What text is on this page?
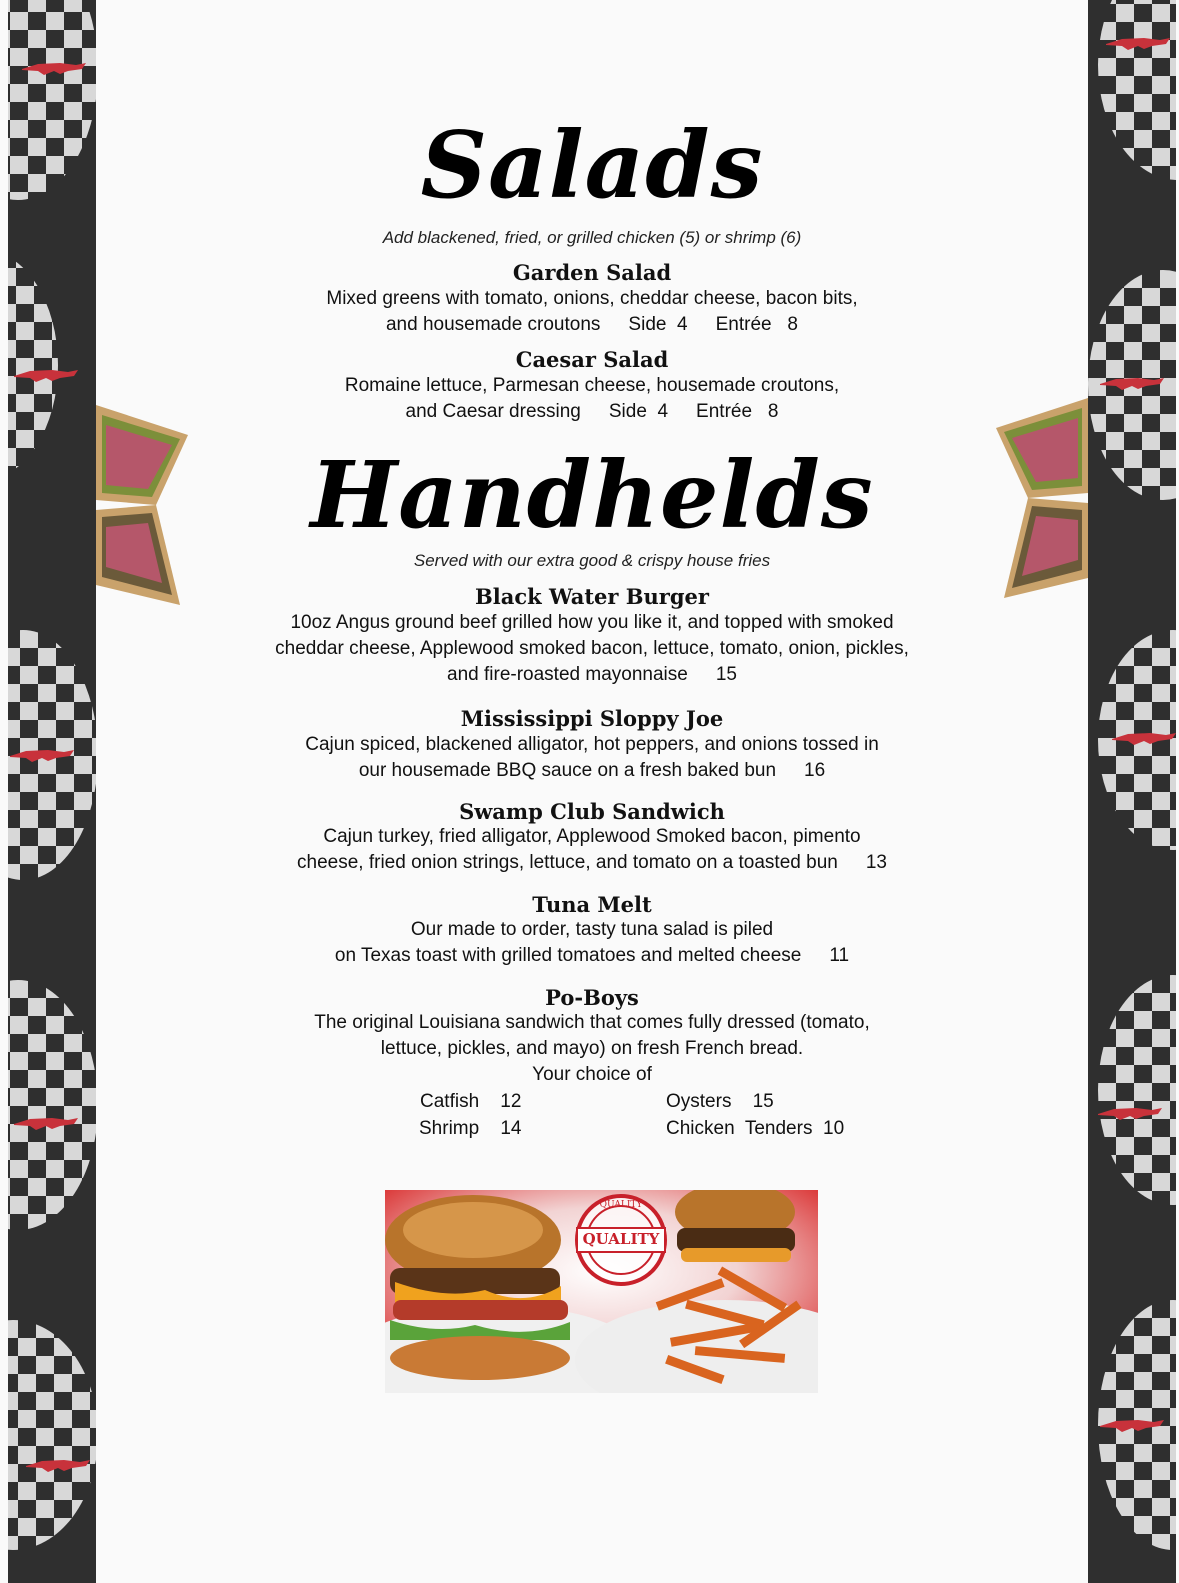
Salads
Add blackened, fried, or grilled chicken (5) or shrimp (6)
Garden Salad
Mixed greens with tomato, onions, cheddar cheese, bacon bits,
and housemade croutons Side 4 Entrée 8
Caesar Salad
Romaine lettuce, Parmesan cheese, housemade croutons,
and Caesar dressing Side 4 Entrée 8
Handhelds
Served with our extra good & crispy house fries
Black Water Burger
10oz Angus ground beef grilled how you like it, and topped with smoked
cheddar cheese, Applewood smoked bacon, lettuce, tomato, onion, pickles,
and fire-roasted mayonnaise 15
Mississippi Sloppy Joe
Cajun spiced, blackened alligator, hot peppers, and onions tossed in
our housemade BBQ sauce on a fresh baked bun 16
Swamp Club Sandwich
Cajun turkey, fried alligator, Applewood Smoked bacon, pimento
cheese, fried onion strings, lettuce, and tomato on a toasted bun 13
Tuna Melt
Our made to order, tasty tuna salad is piled
on Texas toast with grilled tomatoes and melted cheese 11
Po-Boys
The original Louisiana sandwich that comes fully dressed (tomato,
lettuce, pickles, and mayo) on fresh French bread.
Your choice of
Catfish 12	Oysters 15
Shrimp 14	Chicken  Tenders 10
QUALITY
QUALITY
